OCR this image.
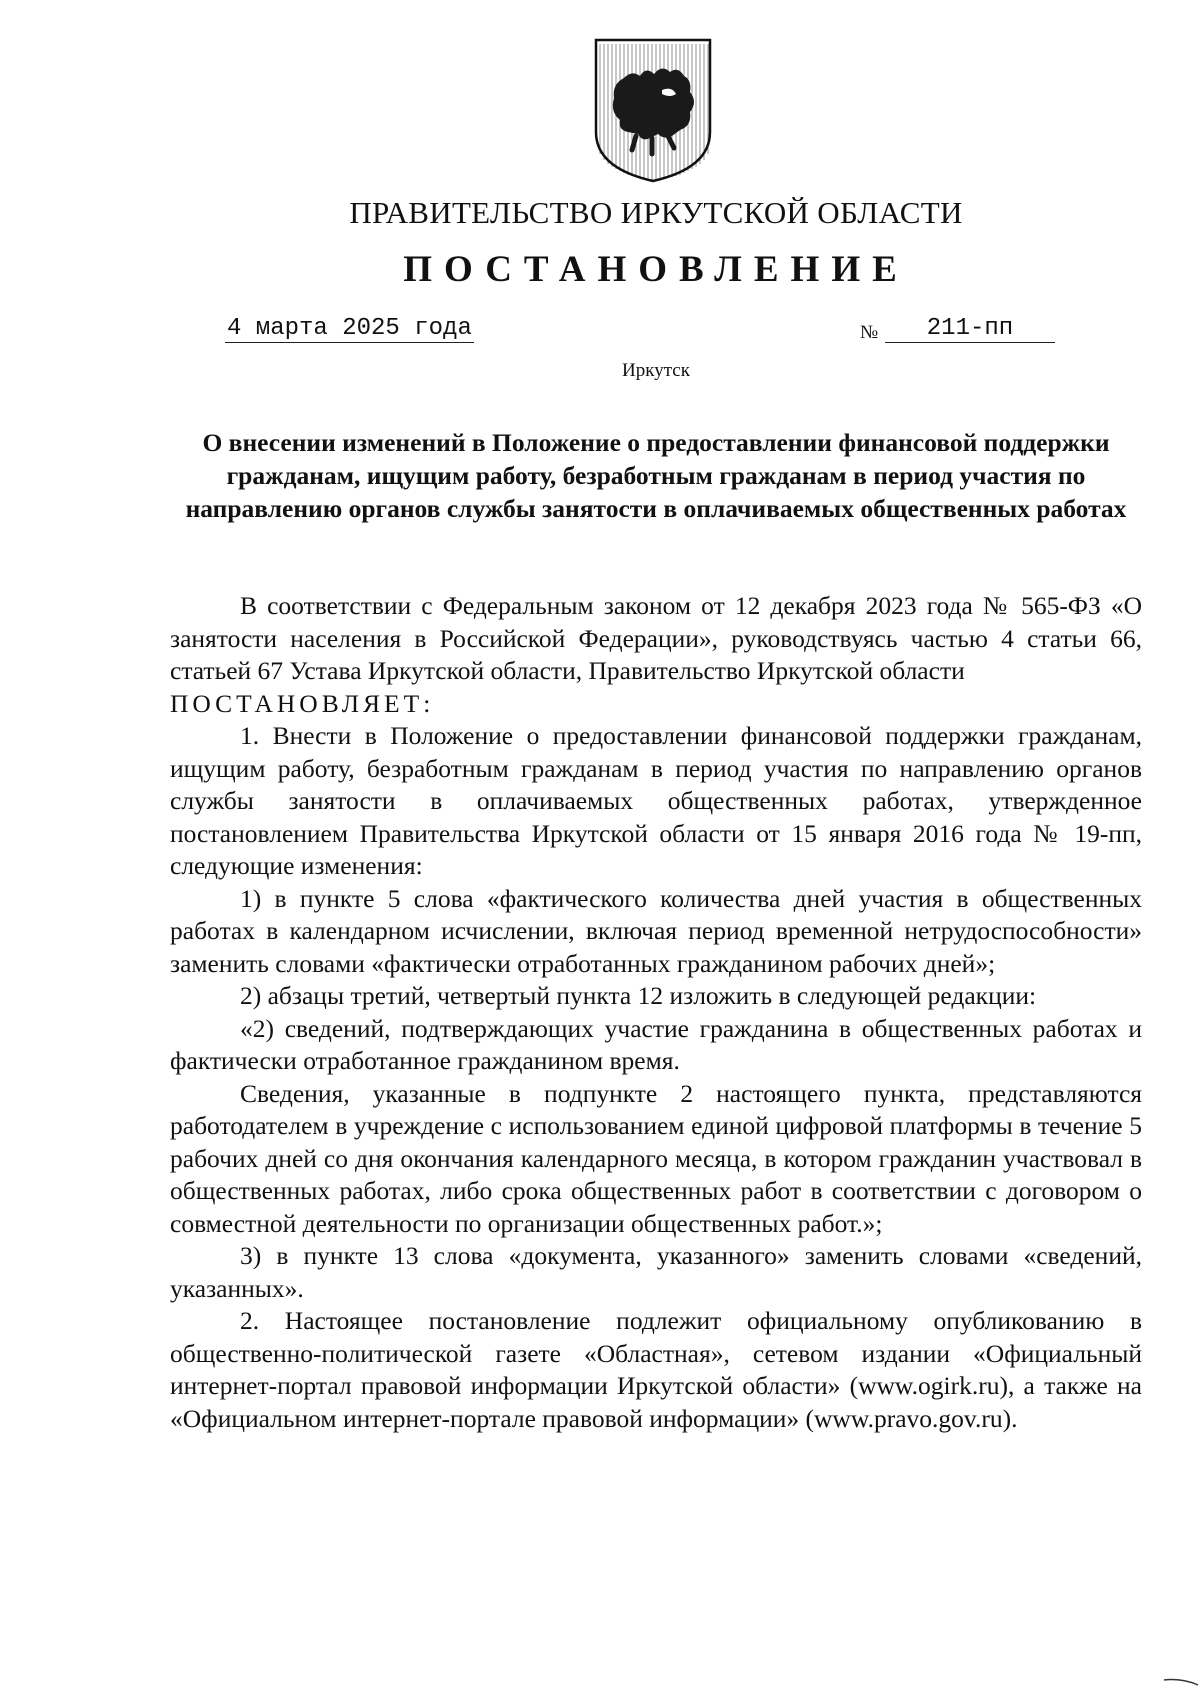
ПРАВИТЕЛЬСТВО ИРКУТСКОЙ ОБЛАСТИ
ПОСТАНОВЛЕНИЕ
4 марта 2025 года	№	211-пп
Иркутск
О внесении изменений в Положение о предоставлении финансовой поддержки гражданам, ищущим работу, безработным гражданам в период участия по направлению органов службы занятости в оплачиваемых общественных работах

В соответствии с Федеральным законом от 12 декабря 2023 года № 565-ФЗ «О занятости населения в Российской Федерации», руководствуясь частью 4 статьи 66, статьей 67 Устава Иркутской области, Правительство Иркутской области

ПОСТАНОВЛЯЕТ:

1. Внести в Положение о предоставлении финансовой поддержки гражданам, ищущим работу, безработным гражданам в период участия по направлению органов службы занятости в оплачиваемых общественных работах, утвержденное постановлением Правительства Иркутской области от 15 января 2016 года № 19-пп, следующие изменения:

1) в пункте 5 слова «фактического количества дней участия в общественных работах в календарном исчислении, включая период временной нетрудоспособности» заменить словами «фактически отработанных гражданином рабочих дней»;

2) абзацы третий, четвертый пункта 12 изложить в следующей редакции:

«2) сведений, подтверждающих участие гражданина в общественных работах и фактически отработанное гражданином время.

Сведения, указанные в подпункте 2 настоящего пункта, представляются работодателем в учреждение с использованием единой цифровой платформы в течение 5 рабочих дней со дня окончания календарного месяца, в котором гражданин участвовал в общественных работах, либо срока общественных работ в соответствии с договором о совместной деятельности по организации общественных работ.»;

3) в пункте 13 слова «документа, указанного» заменить словами «сведений, указанных».

2. Настоящее постановление подлежит официальному опубликованию в общественно-политической газете «Областная», сетевом издании «Официальный интернет-портал правовой информации Иркутской области» (www.ogirk.ru), а также на «Официальном интернет-портале правовой информации» (www.pravo.gov.ru).
